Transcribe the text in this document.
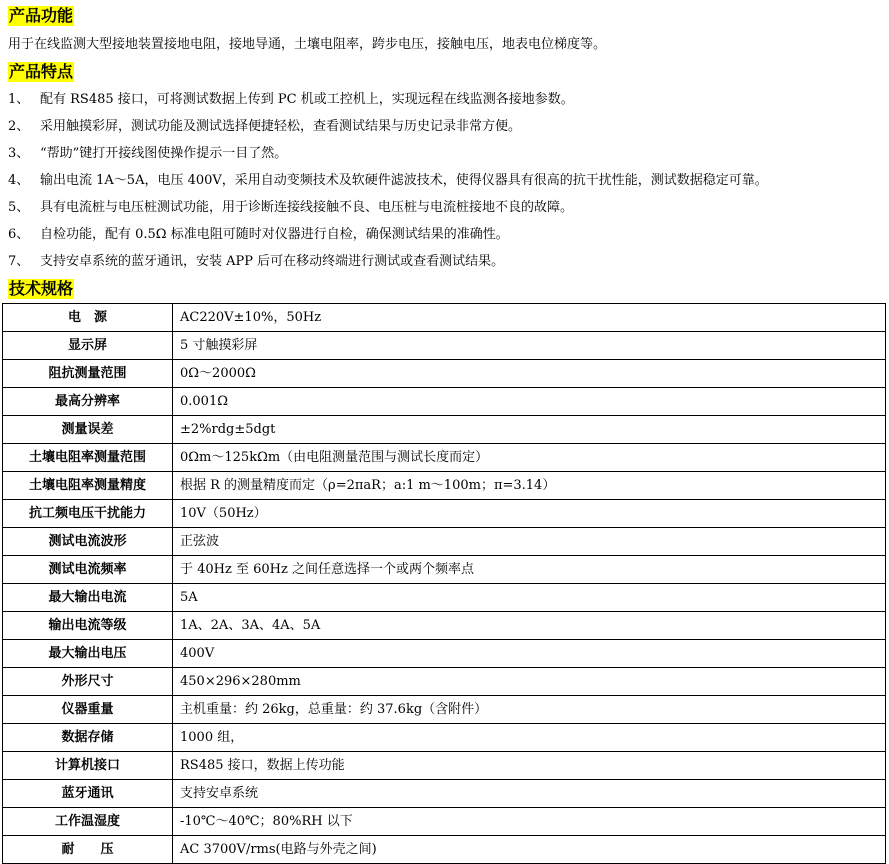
产品功能
用于在线监测大型接地装置接地电阻，接地导通，土壤电阻率，跨步电压，接触电压，地表电位梯度等。
产品特点
1、 配有 RS485 接口，可将测试数据上传到 PC 机或工控机上，实现远程在线监测各接地参数。
2、 采用触摸彩屏，测试功能及测试选择便捷轻松，查看测试结果与历史记录非常方便。
3、 “帮助”键打开接线图使操作提示一目了然。
4、 输出电流 1A～5A，电压 400V，采用自动变频技术及软硬件滤波技术，使得仪器具有很高的抗干扰性能，测试数据稳定可靠。
5、 具有电流桩与电压桩测试功能，用于诊断连接线接触不良、电压桩与电流桩接地不良的故障。
6、 自检功能，配有 0.5Ω 标准电阻可随时对仪器进行自检，确保测试结果的准确性。
7、 支持安卓系统的蓝牙通讯，安装 APP 后可在移动终端进行测试或查看测试结果。
技术规格
电　源	AC220V±10%，50Hz
显示屏	5 寸触摸彩屏
阻抗测量范围	0Ω～2000Ω
最高分辨率	0.001Ω
测量误差	±2%rdg±5dgt
土壤电阻率测量范围	0Ωm～125kΩm（由电阻测量范围与测试长度而定）
土壤电阻率测量精度	根据 R 的测量精度而定（ρ=2πaR；a:1 m～100m；π=3.14）
抗工频电压干扰能力	10V（50Hz）
测试电流波形	正弦波
测试电流频率	于 40Hz 至 60Hz 之间任意选择一个或两个频率点
最大输出电流	5A
输出电流等级	1A、2A、3A、4A、5A
最大输出电压	400V
外形尺寸	450×296×280mm
仪器重量	主机重量：约 26kg，总重量：约 37.6kg（含附件）
数据存储	1000 组，
计算机接口	RS485 接口，数据上传功能
蓝牙通讯	支持安卓系统
工作温湿度	-10℃～40℃；80%RH 以下
耐　　压	AC 3700V/rms(电路与外壳之间)
